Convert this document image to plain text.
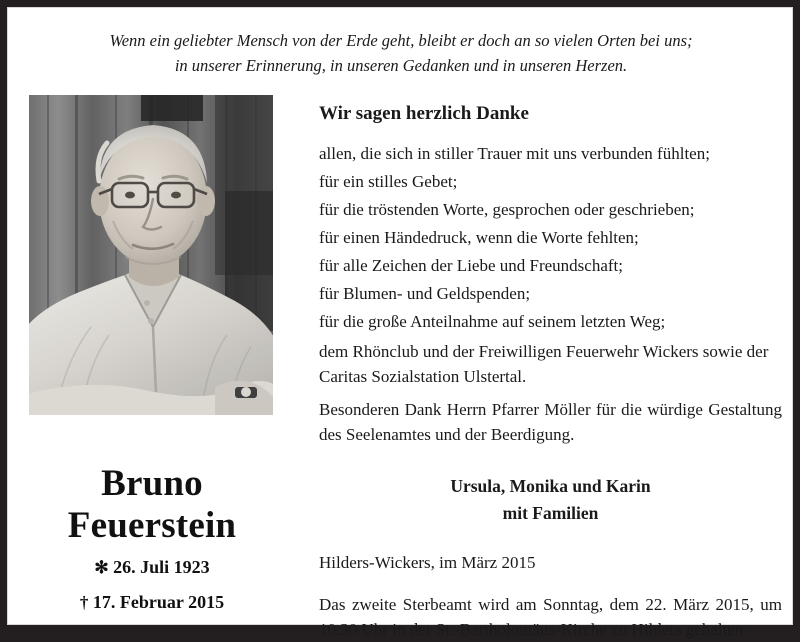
Wenn ein geliebter Mensch von der Erde geht, bleibt er doch an so vielen Orten bei uns;
in unserer Erinnerung, in unseren Gedanken und in unseren Herzen.
Bruno
Feuerstein
✻ 26. Juli 1923
† 17. Februar 2015
Wir sagen herzlich Danke
allen, die sich in stiller Trauer mit uns verbunden fühlten;
für ein stilles Gebet;
für die tröstenden Worte, gesprochen oder geschrieben;
für einen Händedruck, wenn die Worte fehlten;
für alle Zeichen der Liebe und Freundschaft;
für Blumen- und Geldspenden;
für die große Anteilnahme auf seinem letzten Weg;
dem Rhönclub und der Freiwilligen Feuerwehr Wickers sowie der Caritas Sozialstation Ulstertal.
Besonderen Dank Herrn Pfarrer Möller für die würdige Gestaltung des Seelenamtes und der Beerdigung.
Ursula, Monika und Karin
mit Familien
Hilders-Wickers, im März 2015
Das zweite Sterbeamt wird am Sonntag, dem 22. März 2015, um 10.30 Uhr in der St.-Bartholomäus-Kirche zu Hilders gehalten.
